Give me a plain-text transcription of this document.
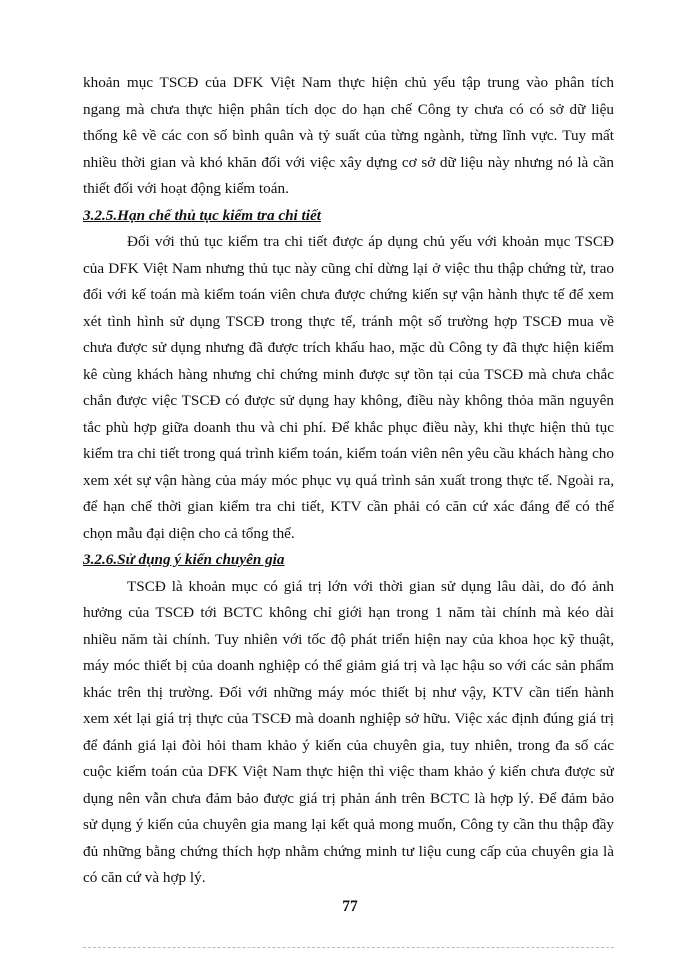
khoản mục TSCĐ của DFK Việt Nam thực hiện chủ yếu tập trung vào phân tích
ngang mà chưa thực hiện phân tích dọc do hạn chế Công ty chưa có có sở dữ liệu
thống kê về các con số bình quân và tỷ suất của từng ngành, từng lĩnh vực. Tuy mất
nhiều thời gian và khó khăn đối với việc xây dựng cơ sở dữ liệu này nhưng nó là cần
thiết đối với hoạt động kiểm toán.
3.2.5.Hạn chế thủ tục kiểm tra chi tiết
Đối với thủ tục kiểm tra chi tiết được áp dụng chủ yếu với khoản mục TSCĐ
của DFK Việt Nam nhưng thủ tục này cũng chỉ dừng lại ở việc thu thập chứng từ, trao
đổi với kế toán mà kiểm toán viên chưa được chứng kiến sự vận hành thực tế để xem
xét tình hình sử dụng TSCĐ trong thực tế, tránh một số trường hợp TSCĐ mua về
chưa được sử dụng nhưng đã được trích khấu hao, mặc dù Công ty đã thực hiện kiểm
kê cùng khách hàng nhưng chỉ chứng minh được sự tồn tại của TSCĐ mà chưa chắc
chắn được việc TSCĐ có được sử dụng hay không, điều này không thỏa mãn nguyên
tắc phù hợp giữa doanh thu và chi phí. Để khắc phục điều này, khi thực hiện thủ tục
kiểm tra chi tiết trong quá trình kiểm toán, kiểm toán viên nên yêu cầu khách hàng cho
xem xét sự vận hàng của máy móc phục vụ quá trình sản xuất trong thực tế. Ngoài ra,
để hạn chế thời gian kiểm tra chi tiết, KTV cần phải có căn cứ xác đáng để có thể
chọn mẫu đại diện cho cả tổng thể.
3.2.6.Sử dụng ý kiến chuyên gia
TSCĐ là khoản mục có giá trị lớn với thời gian sử dụng lâu dài, do đó ảnh
hưởng của TSCĐ tới BCTC không chỉ giới hạn trong 1 năm tài chính mà kéo dài
nhiều năm tài chính. Tuy nhiên với tốc độ phát triển hiện nay của khoa học kỹ thuật,
máy móc thiết bị của doanh nghiệp có thể giảm giá trị và lạc hậu so với các sản phẩm
khác trên thị trường. Đối với những máy móc thiết bị như vậy, KTV cần tiến hành
xem xét lại giá trị thực của TSCĐ mà doanh nghiệp sở hữu. Việc xác định đúng giá trị
để đánh giá lại đòi hỏi tham khảo ý kiến của chuyên gia, tuy nhiên, trong đa số các
cuộc kiểm toán của DFK Việt Nam thực hiện thì việc tham khảo ý kiến chưa được sử
dụng nên vẫn chưa đảm bảo được giá trị phản ánh trên BCTC là hợp lý. Để đảm bảo
sử dụng ý kiến của chuyên gia mang lại kết quả mong muốn, Công ty cần thu thập đầy
đủ những bằng chứng thích hợp nhằm chứng minh tư liệu cung cấp của chuyên gia là
có căn cứ và hợp lý.
77
